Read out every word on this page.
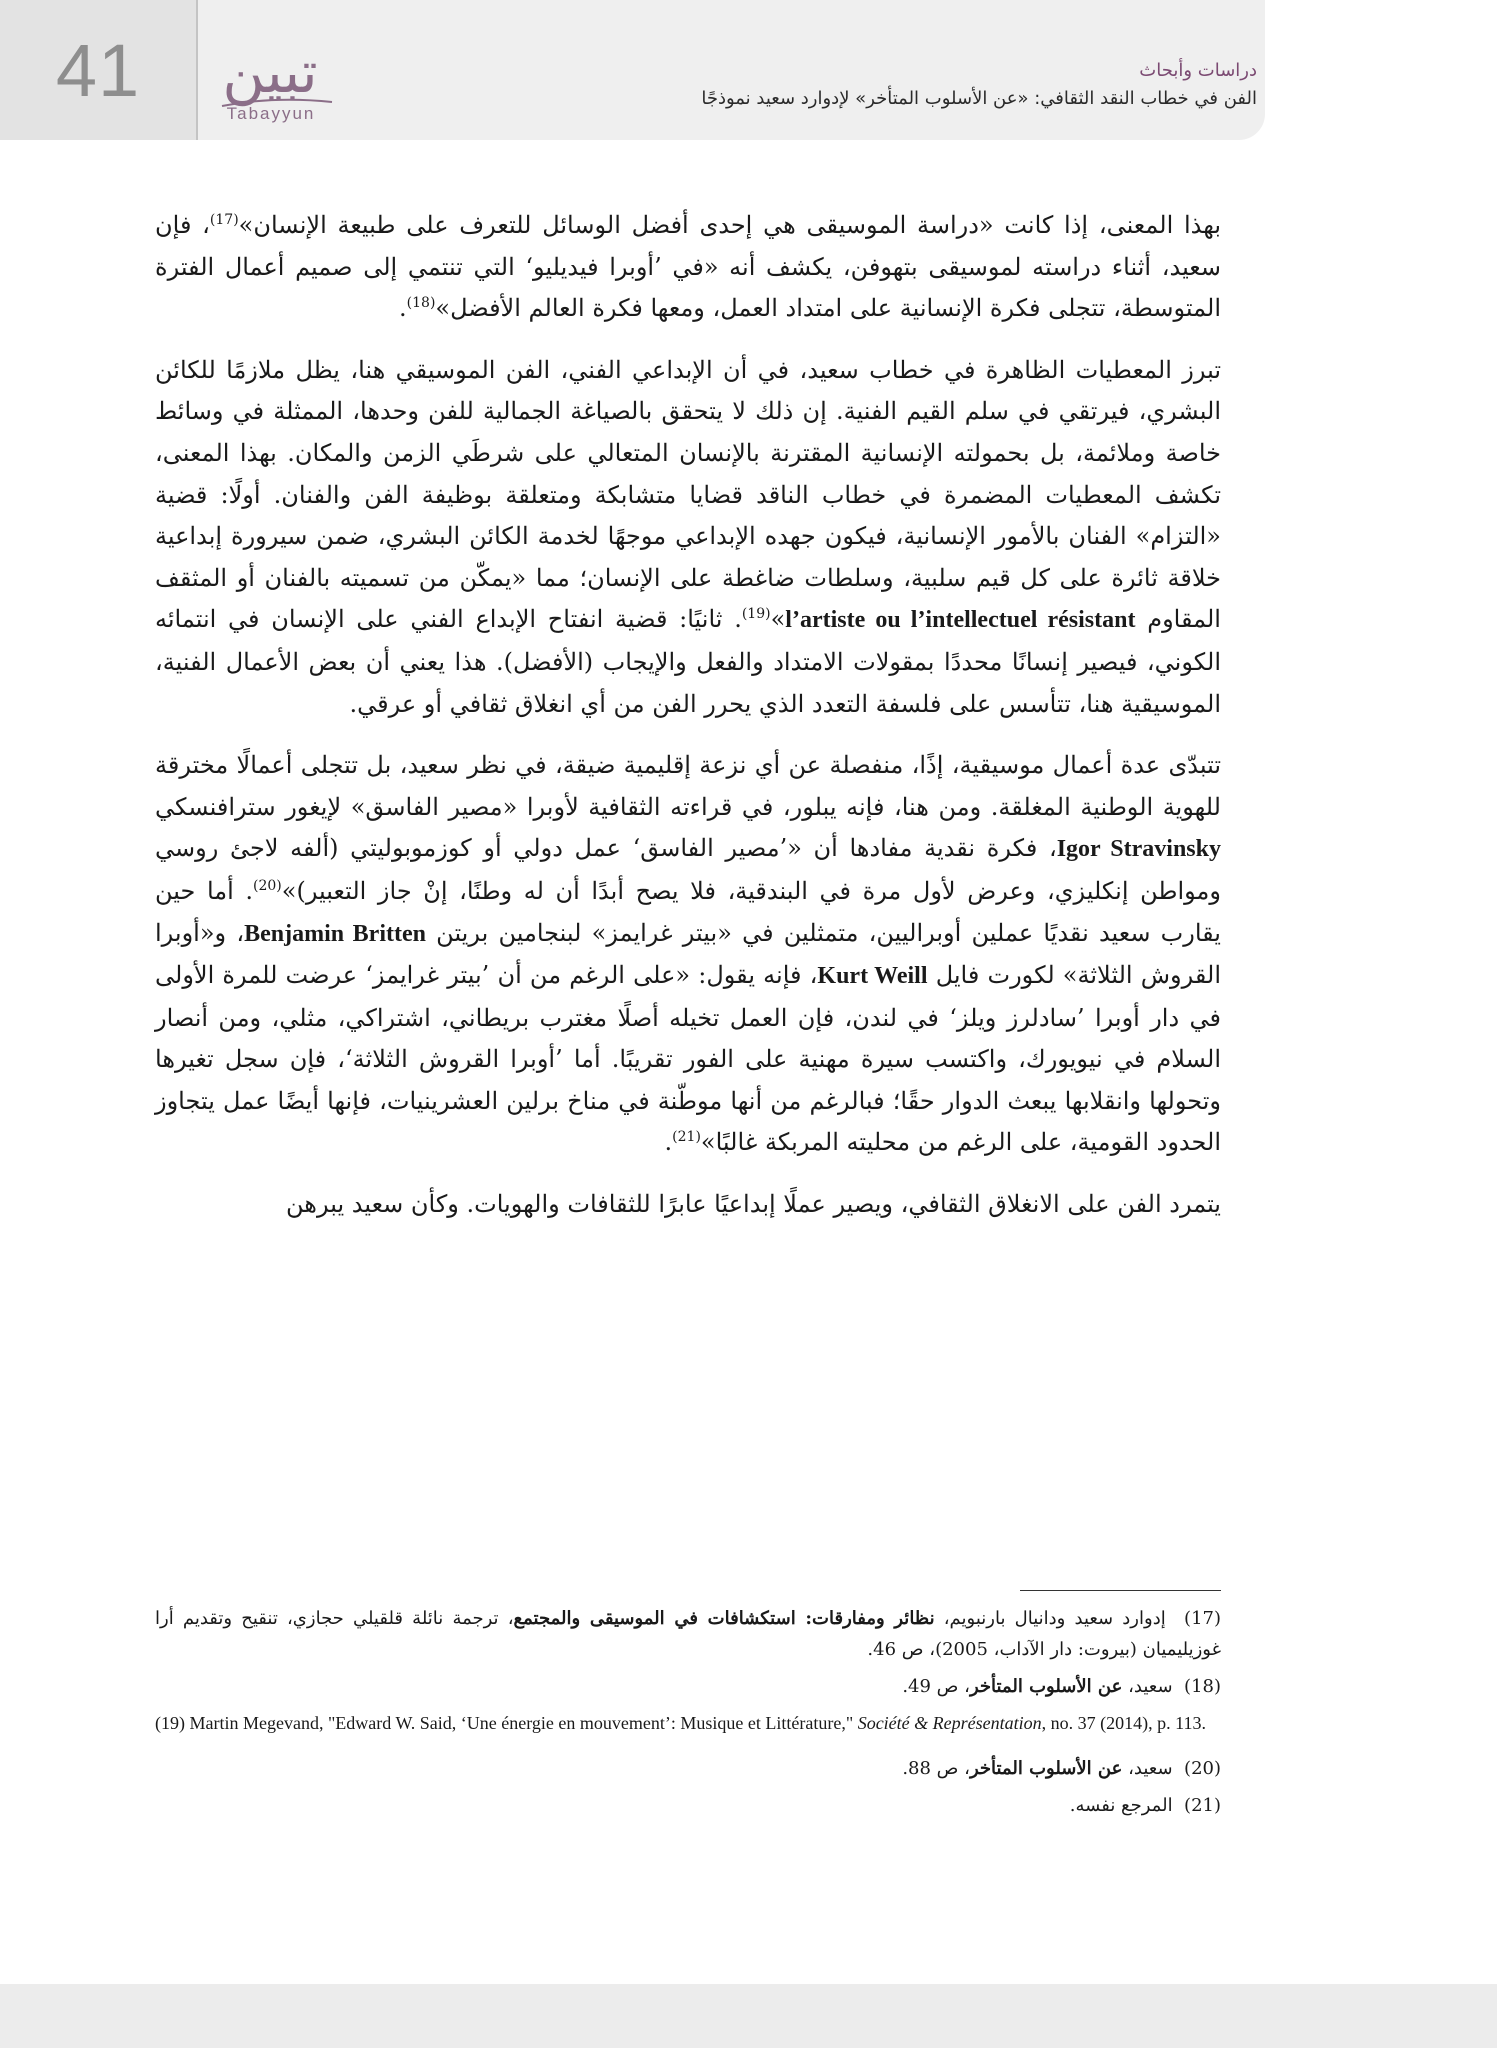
41 تبين
Tabayyun
دراسات وأبحاث
الفن في خطاب النقد الثقافي: «عن الأسلوب المتأخر» لإدوارد سعيد نموذجًا

بهذا المعنى، إذا كانت «دراسة الموسيقى هي إحدى أفضل الوسائل للتعرف على طبيعة الإنسان»$^{(17)}$، فإن سعيد، أثناء دراسته لموسيقى بتهوفن، يكشف أنه «في ’أوبرا فيديليو‘ التي تنتمي إلى صميم أعمال الفترة المتوسطة، تتجلى فكرة الإنسانية على امتداد العمل، ومعها فكرة العالم الأفضل»$^{(18)}$.

تبرز المعطيات الظاهرة في خطاب سعيد، في أن الإبداعي الفني، الفن الموسيقي هنا، يظل ملازمًا للكائن البشري، فيرتقي في سلم القيم الفنية. إن ذلك لا يتحقق بالصياغة الجمالية للفن وحدها، الممثلة في وسائط خاصة وملائمة، بل بحمولته الإنسانية المقترنة بالإنسان المتعالي على شرطَي الزمن والمكان. بهذا المعنى، تكشف المعطيات المضمرة في خطاب الناقد قضايا متشابكة ومتعلقة بوظيفة الفن والفنان. أولًا: قضية «التزام» الفنان بالأمور الإنسانية، فيكون جهده الإبداعي موجهًا لخدمة الكائن البشري، ضمن سيرورة إبداعية خلاقة ثائرة على كل قيم سلبية، وسلطات ضاغطة على الإنسان؛ مما «يمكّن من تسميته بالفنان أو المثقف المقاوم l’artiste ou l’intellectuel résistant»$^{(19)}$. ثانيًا: قضية انفتاح الإبداع الفني على الإنسان في انتمائه الكوني، فيصير إنسانًا محددًا بمقولات الامتداد والفعل والإيجاب (الأفضل). هذا يعني أن بعض الأعمال الفنية، الموسيقية هنا، تتأسس على فلسفة التعدد الذي يحرر الفن من أي انغلاق ثقافي أو عرقي.

تتبدّى عدة أعمال موسيقية، إذًا، منفصلة عن أي نزعة إقليمية ضيقة، في نظر سعيد، بل تتجلى أعمالًا مخترقة للهوية الوطنية المغلقة. ومن هنا، فإنه يبلور، في قراءته الثقافية لأوبرا «مصير الفاسق» لإيغور سترافنسكي Igor Stravinsky، فكرة نقدية مفادها أن «’مصير الفاسق‘ عمل دولي أو كوزموبوليتي (ألفه لاجئ روسي ومواطن إنكليزي، وعرض لأول مرة في البندقية، فلا يصح أبدًا أن له وطنًا، إنْ جاز التعبير)»$^{(20)}$. أما حين يقارب سعيد نقديًا عملين أوبراليين، متمثلين في «بيتر غرايمز» لبنجامين بريتن Benjamin Britten، و«أوبرا القروش الثلاثة» لكورت فايل Kurt Weill، فإنه يقول: «على الرغم من أن ’بيتر غرايمز‘ عرضت للمرة الأولى في دار أوبرا ’سادلرز ويلز‘ في لندن، فإن العمل تخيله أصلًا مغترب بريطاني، اشتراكي، مثلي، ومن أنصار السلام في نيويورك، واكتسب سيرة مهنية على الفور تقريبًا. أما ’أوبرا القروش الثلاثة‘، فإن سجل تغيرها وتحولها وانقلابها يبعث الدوار حقًا؛ فبالرغم من أنها موطّنة في مناخ برلين العشرينيات، فإنها أيضًا عمل يتجاوز الحدود القومية، على الرغم من محليته المربكة غالبًا»$^{(21)}$.

يتمرد الفن على الانغلاق الثقافي، ويصير عملًا إبداعيًا عابرًا للثقافات والهويات. وكأن سعيد يبرهن

(17)  إدوارد سعيد ودانيال بارنبويم، نظائر ومفارقات: استكشافات في الموسيقى والمجتمع، ترجمة نائلة قلقيلي حجازي، تنقيح وتقديم أرا غوزيليميان (بيروت: دار الآداب، 2005)، ص 46.
(18)  سعيد، عن الأسلوب المتأخر، ص 49.
(19) Martin Megevand, "Edward W. Said, ‘Une énergie en mouvement’: Musique et Littérature," Société & Représentation, no. 37 (2014), p. 113.
(20)  سعيد، عن الأسلوب المتأخر، ص 88.
(21)  المرجع نفسه.
